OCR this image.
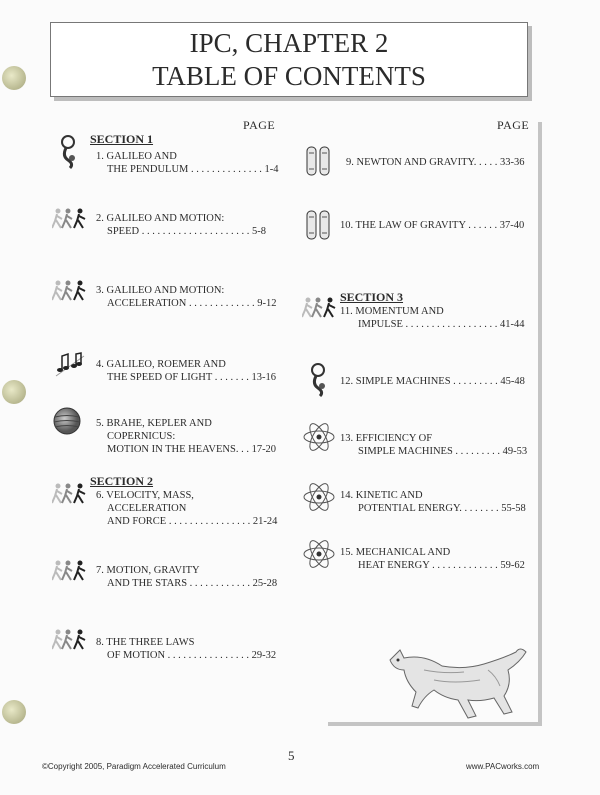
IPC, CHAPTER 2
TABLE OF CONTENTS
PAGE	PAGE
SECTION 1
SECTION 2
SECTION 3
1. GALILEO AND
THE PENDULUM . . . . . . . . . . . . . . 1-4
2. GALILEO AND MOTION:
SPEED . . . . . . . . . . . . . . . . . . . . . 5-8
3. GALILEO AND MOTION:
ACCELERATION . . . . . . . . . . . . . 9-12
4. GALILEO, ROEMER AND
THE SPEED OF LIGHT . . . . . . . 13-16
5. BRAHE, KEPLER AND
COPERNICUS:
MOTION IN THE HEAVENS. . . 17-20
6. VELOCITY, MASS,
ACCELERATION
AND FORCE . . . . . . . . . . . . . . . . 21-24
7. MOTION, GRAVITY
AND THE STARS . . . . . . . . . . . . 25-28
8. THE THREE LAWS
OF MOTION . . . . . . . . . . . . . . . . 29-32
9. NEWTON AND GRAVITY. . . . . 33-36
10. THE LAW OF GRAVITY . . . . . . 37-40
11. MOMENTUM AND
IMPULSE . . . . . . . . . . . . . . . . . . 41-44
12. SIMPLE MACHINES . . . . . . . . . 45-48
13. EFFICIENCY OF
SIMPLE MACHINES . . . . . . . . . 49-53
14. KINETIC AND
POTENTIAL ENERGY. . . . . . . . 55-58
15. MECHANICAL AND
HEAT ENERGY . . . . . . . . . . . . . 59-62
5
©Copyright 2005, Paradigm Accelerated Curriculum	www.PACworks.com
